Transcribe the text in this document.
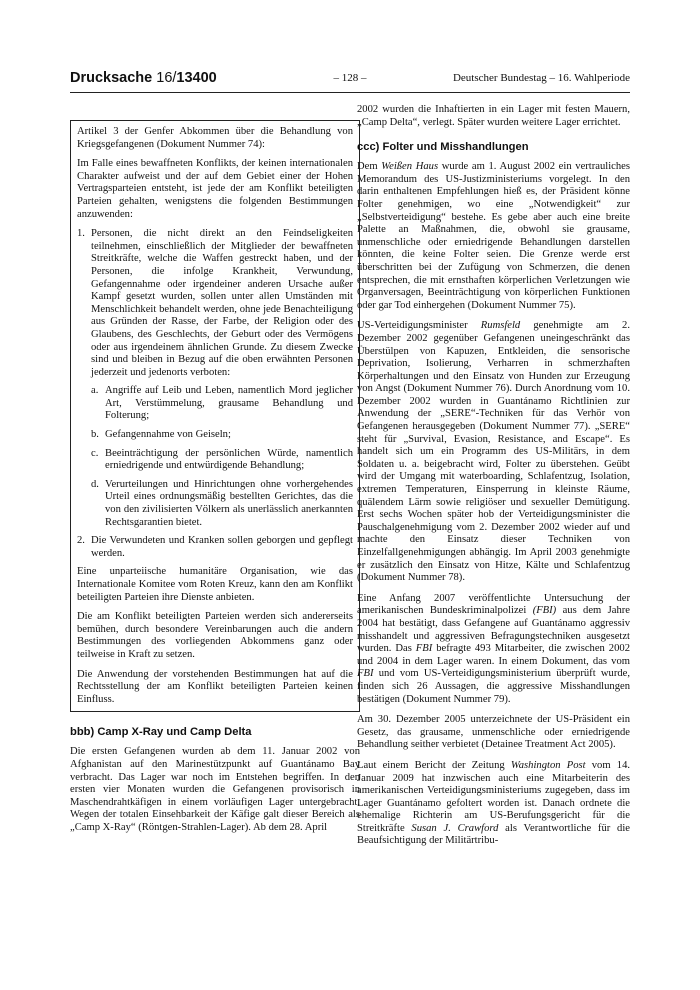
Drucksache 16/13400	– 128 –	Deutscher Bundestag – 16. Wahlperiode

Artikel 3 der Genfer Abkommen über die Behandlung von Kriegsgefangenen (Dokument Nummer 74):

Im Falle eines bewaffneten Konflikts, der keinen internationalen Charakter aufweist und der auf dem Gebiet einer der Hohen Vertragsparteien entsteht, ist jede der am Konflikt beteiligten Parteien gehalten, wenigstens die folgenden Bestimmungen anzuwenden:

1. Personen, die nicht direkt an den Feindseligkeiten teilnehmen, einschließlich der Mitglieder der bewaffneten Streitkräfte, welche die Waffen gestreckt haben, und der Personen, die infolge Krankheit, Verwundung, Gefangennahme oder irgendeiner anderen Ursache außer Kampf gesetzt wurden, sollen unter allen Umständen mit Menschlichkeit behandelt werden, ohne jede Benachteiligung aus Gründen der Rasse, der Farbe, der Religion oder des Glaubens, des Geschlechts, der Geburt oder des Vermögens oder aus irgendeinem ähnlichen Grunde. Zu diesem Zwecke sind und bleiben in Bezug auf die oben erwähnten Personen jederzeit und jedenorts verboten:
a. Angriffe auf Leib und Leben, namentlich Mord jeglicher Art, Verstümmelung, grausame Behandlung und Folterung;
b. Gefangennahme von Geiseln;
c. Beeinträchtigung der persönlichen Würde, namentlich erniedrigende und entwürdigende Behandlung;
d. Verurteilungen und Hinrichtungen ohne vorhergehendes Urteil eines ordnungsmäßig bestellten Gerichtes, das die von den zivilisierten Völkern als unerlässlich anerkannten Rechtsgarantien bietet.
2. Die Verwundeten und Kranken sollen geborgen und gepflegt werden.

Eine unparteiische humanitäre Organisation, wie das Internationale Komitee vom Roten Kreuz, kann den am Konflikt beteiligten Parteien ihre Dienste anbieten.

Die am Konflikt beteiligten Parteien werden sich andererseits bemühen, durch besondere Vereinbarungen auch die andern Bestimmungen des vorliegenden Abkommens ganz oder teilweise in Kraft zu setzen.

Die Anwendung der vorstehenden Bestimmungen hat auf die Rechtsstellung der am Konflikt beteiligten Parteien keinen Einfluss.

bbb) Camp X-Ray und Camp Delta

Die ersten Gefangenen wurden ab dem 11. Januar 2002 von Afghanistan auf den Marinestützpunkt auf Guantánamo Bay verbracht. Das Lager war noch im Entstehen begriffen. In den ersten vier Monaten wurden die Gefangenen provisorisch in Maschendrahtkäfigen in einem vorläufigen Lager untergebracht. Wegen der totalen Einsehbarkeit der Käfige galt dieser Bereich als „Camp X-Ray“ (Röntgen-Strahlen-Lager). Ab dem 28. April

2002 wurden die Inhaftierten in ein Lager mit festen Mauern, „Camp Delta“, verlegt. Später wurden weitere Lager errichtet.

ccc) Folter und Misshandlungen

Dem Weißen Haus wurde am 1. August 2002 ein vertrauliches Memorandum des US-Justizministeriums vorgelegt. In den darin enthaltenen Empfehlungen hieß es, der Präsident könne Folter genehmigen, wo eine „Notwendigkeit“ zur „Selbstverteidigung“ bestehe. Es gebe aber auch eine breite Palette an Maßnahmen, die, obwohl sie grausame, unmenschliche oder erniedrigende Behandlungen darstellen könnten, die keine Folter seien. Die Grenze werde erst überschritten bei der Zufügung von Schmerzen, die denen entsprechen, die mit ernsthaften körperlichen Verletzungen wie Organversagen, Beeinträchtigung von körperlichen Funktionen oder gar Tod einhergehen (Dokument Nummer 75).

US-Verteidigungsminister Rumsfeld genehmigte am 2. Dezember 2002 gegenüber Gefangenen uneingeschränkt das Überstülpen von Kapuzen, Entkleiden, die sensorische Deprivation, Isolierung, Verharren in schmerzhaften Körperhaltungen und den Einsatz von Hunden zur Erzeugung von Angst (Dokument Nummer 76). Durch Anordnung vom 10. Dezember 2002 wurden in Guantánamo Richtlinien zur Anwendung der „SERE“-Techniken für das Verhör von Gefangenen herausgegeben (Dokument Nummer 77). „SERE“ steht für „Survival, Evasion, Resistance, and Escape“. Es handelt sich um ein Programm des US-Militärs, in dem Soldaten u. a. beigebracht wird, Folter zu überstehen. Geübt wird der Umgang mit waterboarding, Schlafentzug, Isolation, extremen Temperaturen, Einsperrung in kleinste Räume, quälendem Lärm sowie religiöser und sexueller Demütigung. Erst sechs Wochen später hob der Verteidigungsminister die Pauschalgenehmigung vom 2. Dezember 2002 wieder auf und machte den Einsatz dieser Techniken von Einzelfallgenehmigungen abhängig. Im April 2003 genehmigte er zusätzlich den Einsatz von Hitze, Kälte und Schlafentzug (Dokument Nummer 78).

Eine Anfang 2007 veröffentlichte Untersuchung der amerikanischen Bundeskriminalpolizei (FBI) aus dem Jahre 2004 hat bestätigt, dass Gefangene auf Guantánamo aggressiv misshandelt und aggressiven Befragungstechniken ausgesetzt wurden. Das FBI befragte 493 Mitarbeiter, die zwischen 2002 und 2004 in dem Lager waren. In einem Dokument, das vom FBI und vom US-Verteidigungsministerium überprüft wurde, finden sich 26 Aussagen, die aggressive Misshandlungen bestätigen (Dokument Nummer 79).

Am 30. Dezember 2005 unterzeichnete der US-Präsident ein Gesetz, das grausame, unmenschliche oder erniedrigende Behandlung seither verbietet (Detainee Treatment Act 2005).

Laut einem Bericht der Zeitung Washington Post vom 14. Januar 2009 hat inzwischen auch eine Mitarbeiterin des amerikanischen Verteidigungsministeriums zugegeben, dass im Lager Guantánamo gefoltert worden ist. Danach ordnete die ehemalige Richterin am US-Berufungsgericht für die Streitkräfte Susan J. Crawford als Verantwortliche für die Beaufsichtigung der Militärtribu-
